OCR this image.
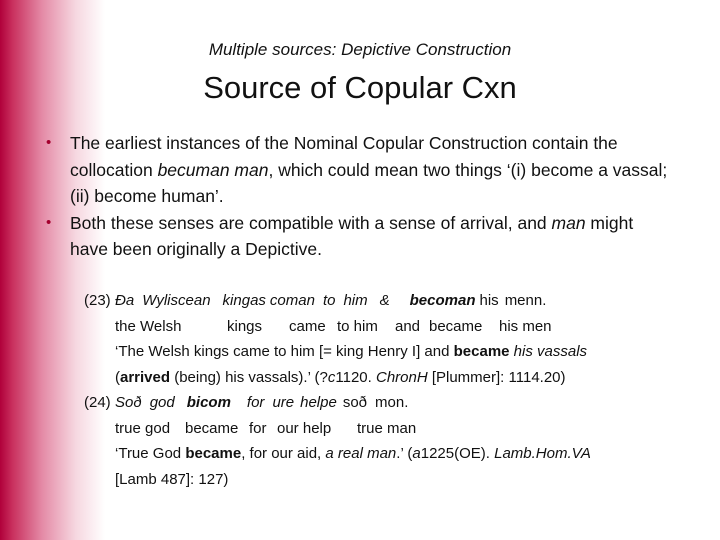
Multiple sources: Depictive Construction
Source of Copular Cxn
• The earliest instances of the Nominal Copular Construction contain the collocation becuman man, which could mean two things ‘(i) become a vassal; (ii) become human’.
• Both these senses are compatible with a sense of arrival, and man might have been originally a Depictive.
(23) Ða Wyliscean kingas coman to him & becoman his menn.
the Welsh	kings	came to him	and became	his men
‘The Welsh kings came to him [= king Henry I] and became his vassals
(arrived (being) his vassals).’ (?c1120. ChronH [Plummer]: 1114.20)
(24) Soð god bicom for ure helpe soð mon.
true god became for our help	true man
‘True God became, for our aid, a real man.’ (a1225(OE). Lamb.Hom.VA
[Lamb 487]: 127)
